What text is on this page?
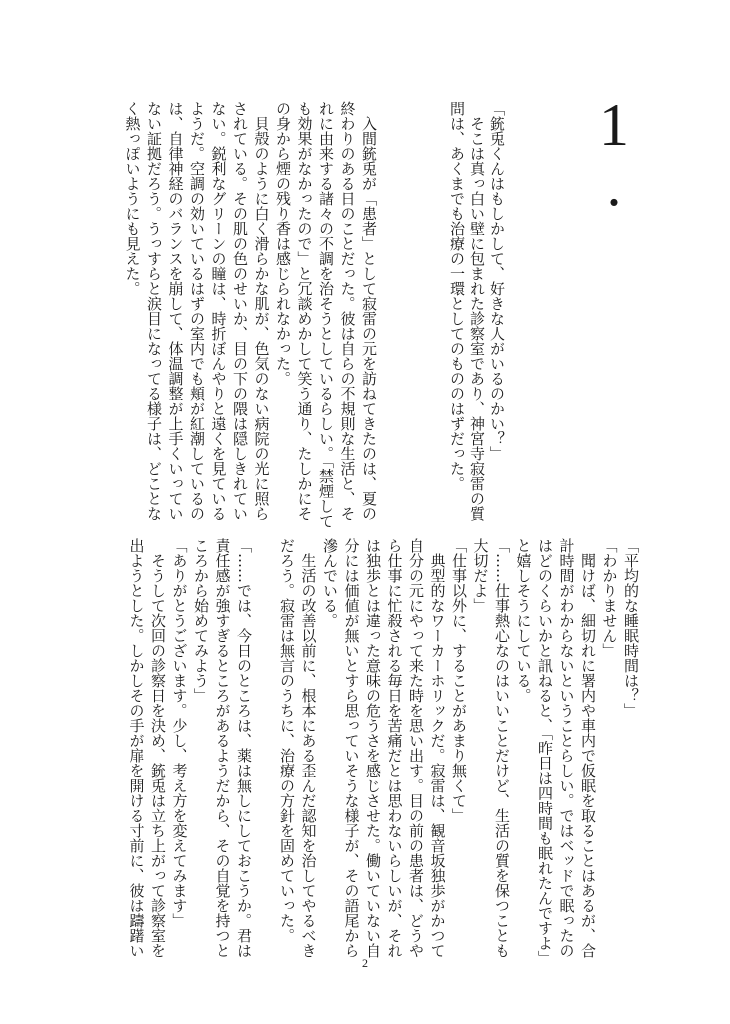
1.
「銃兎くんはもしかして、好きな人がいるのかい？」
　そこは真っ白い壁に包まれた診察室であり、神宮寺寂雷の質
問は、あくまでも治療の一環としてのもののはずだった。
　入間銃兎が「患者」として寂雷の元を訪ねてきたのは、夏の
終わりのある日のことだった。彼は自らの不規則な生活と、そ
れに由来する諸々の不調を治そうとしているらしい。「禁煙して
も効果がなかったので」と冗談めかして笑う通り、たしかにそ
の身から煙の残り香は感じられなかった。
　貝殻のように白く滑らかな肌が、色気のない病院の光に照ら
されている。その肌の色のせいか、目の下の隈は隠しきれてい
ない。鋭利なグリーンの瞳は、時折ぼんやりと遠くを見ている
ようだ。空調の効いているはずの室内でも頬が紅潮しているの
は、自律神経のバランスを崩して、体温調整が上手くいってい
ない証拠だろう。うっすらと涙目になってる様子は、どことな
く熱っぽいようにも見えた。
「平均的な睡眠時間は？」
「わかりません」
　聞けば、細切れに署内や車内で仮眠を取ることはあるが、合
計時間がわからないということらしい。ではベッドで眠ったの
はどのくらいかと訊ねると、「昨日は四時間も眠れたんですよ」
と嬉しそうにしている。
「……仕事熱心なのはいいことだけど、生活の質を保つことも
大切だよ」
「仕事以外に、することがあまり無くて」
　典型的なワーカーホリックだ。寂雷は、観音坂独歩がかつて
自分の元にやって来た時を思い出す。目の前の患者は、どうや
ら仕事に忙殺される毎日を苦痛だとは思わないらしいが、それ
は独歩とは違った意味の危うさを感じさせた。働いていない自
分には価値が無いとすら思っていそうな様子が、その語尾から
滲んでいる。
　生活の改善以前に、根本にある歪んだ認知を治してやるべき
だろう。寂雷は無言のうちに、治療の方針を固めていった。

「……では、今日のところは、薬は無しにしておこうか。君は
責任感が強すぎるところがあるようだから、その自覚を持つと
ころから始めてみよう」
「ありがとうございます。少し、考え方を変えてみます」
　そうして次回の診察日を決め、銃兎は立ち上がって診察室を
出ようとした。しかしその手が扉を開ける寸前に、彼は躊躇い
2
